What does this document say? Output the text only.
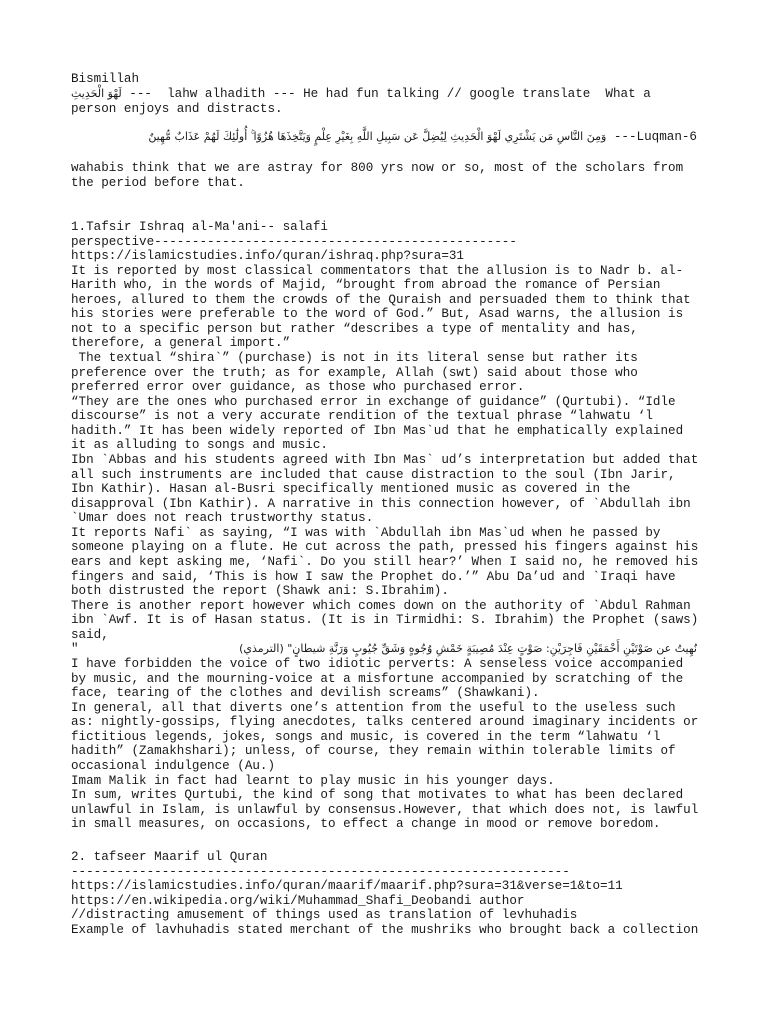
Bismillah
لَهْوَ الْحَدِيثِ ---  lahw alhadith --- He had fun talking // google translate  What a
person enjoys and distracts.
---Luqman-6 وَمِنَ النَّاسِ مَن يَشْتَرِي لَهْوَ الْحَدِيثِ لِيُضِلَّ عَن سَبِيلِ اللَّهِ بِغَيْرِ عِلْمٍ وَيَتَّخِذَهَا هُزُوًا ۚ أُولَٰئِكَ لَهُمْ عَذَابٌ مُّهِينٌ
wahabis think that we are astray for 800 yrs now or so, most of the scholars from
the period before that.
1.Tafsir Ishraq al-Ma'ani-- salafi
perspective------------------------------------------------
https://islamicstudies.info/quran/ishraq.php?sura=31
It is reported by most classical commentators that the allusion is to Nadr b. al-
Harith who, in the words of Majid, “brought from abroad the romance of Persian
heroes, allured to them the crowds of the Quraish and persuaded them to think that
his stories were preferable to the word of God.” But, Asad warns, the allusion is
not to a specific person but rather “describes a type of mentality and has,
therefore, a general import.”
The textual “shira`” (purchase) is not in its literal sense but rather its
preference over the truth; as for example, Allah (swt) said about those who
preferred error over guidance, as those who purchased error.
“They are the ones who purchased error in exchange of guidance” (Qurtubi). “Idle
discourse” is not a very accurate rendition of the textual phrase “lahwatu ‘l
hadith.” It has been widely reported of Ibn Mas`ud that he emphatically explained
it as alluding to songs and music.
Ibn `Abbas and his students agreed with Ibn Mas` ud’s interpretation but added that
all such instruments are included that cause distraction to the soul (Ibn Jarir,
Ibn Kathir). Hasan al-Busri specifically mentioned music as covered in the
disapproval (Ibn Kathir). A narrative in this connection however, of `Abdullah ibn
`Umar does not reach trustworthy status.
It reports Nafi` as saying, “I was with `Abdullah ibn Mas`ud when he passed by
someone playing on a flute. He cut across the path, pressed his fingers against his
ears and kept asking me, ‘Nafi`. Do you still hear?’ When I said no, he removed his
fingers and said, ‘This is how I saw the Prophet do.’” Abu Da’ud and `Iraqi have
both distrusted the report (Shawk ani: S.Ibrahim).
There is another report however which comes down on the authority of `Abdul Rahman
ibn `Awf. It is of Hasan status. (It is in Tirmidhi: S. Ibrahim) the Prophet (saws)
said,
"	نُهِيتُ عن صَوْتَيْنِ أَحْمَقَيْنِ فَاجِرَيْنِ: صَوْتٍ عِنْدَ مُصِيبَةٍ خَمْشِ وُجُوهٍ وَشَقِّ جُيُوبٍ وَرَنَّةِ شيطانٍ" (الترمذي)
I have forbidden the voice of two idiotic perverts: A senseless voice accompanied
by music, and the mourning-voice at a misfortune accompanied by scratching of the
face, tearing of the clothes and devilish screams” (Shawkani).
In general, all that diverts one’s attention from the useful to the useless such
as: nightly-gossips, flying anecdotes, talks centered around imaginary incidents or
fictitious legends, jokes, songs and music, is covered in the term “lahwatu ‘l
hadith” (Zamakhshari); unless, of course, they remain within tolerable limits of
occasional indulgence (Au.)
Imam Malik in fact had learnt to play music in his younger days.
In sum, writes Qurtubi, the kind of song that motivates to what has been declared
unlawful in Islam, is unlawful by consensus.However, that which does not, is lawful
in small measures, on occasions, to effect a change in mood or remove boredom.
2. tafseer Maarif ul Quran
------------------------------------------------------------------
https://islamicstudies.info/quran/maarif/maarif.php?sura=31&verse=1&to=11
https://en.wikipedia.org/wiki/Muhammad_Shafi_Deobandi author
//distracting amusement of things used as translation of levhuhadis
Example of lavhuhadis stated merchant of the mushriks who brought back a collection
